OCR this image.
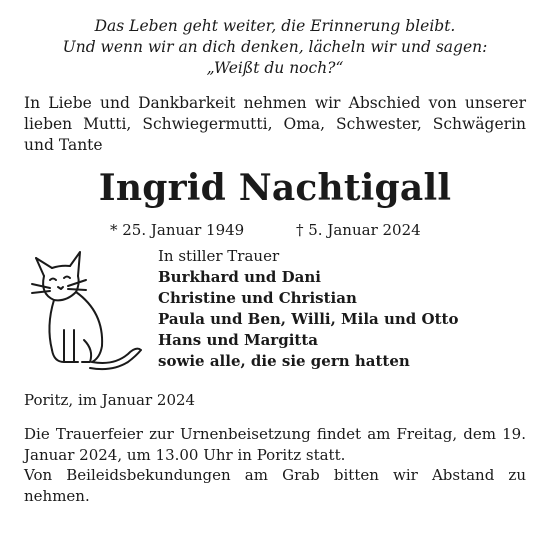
Das Leben geht weiter, die Erinnerung bleibt.
Und wenn wir an dich denken, lächeln wir und sagen:
„Weißt du noch?“
In Liebe und Dankbarkeit nehmen wir Abschied von unserer lieben Mutti, Schwiegermutti, Oma, Schwester, Schwägerin und Tante
Ingrid Nachtigall
* 25. Januar 1949	† 5. Januar 2024
In stiller Trauer
Burkhard und Dani
Christine und Christian
Paula und Ben, Willi, Mila und Otto
Hans und Margitta
sowie alle, die sie gern hatten
Poritz, im Januar 2024

Die Trauerfeier zur Urnenbeisetzung findet am Freitag, dem 19. Januar 2024, um 13.00 Uhr in Poritz statt.

Von Beileidsbekundungen am Grab bitten wir Abstand zu nehmen.
